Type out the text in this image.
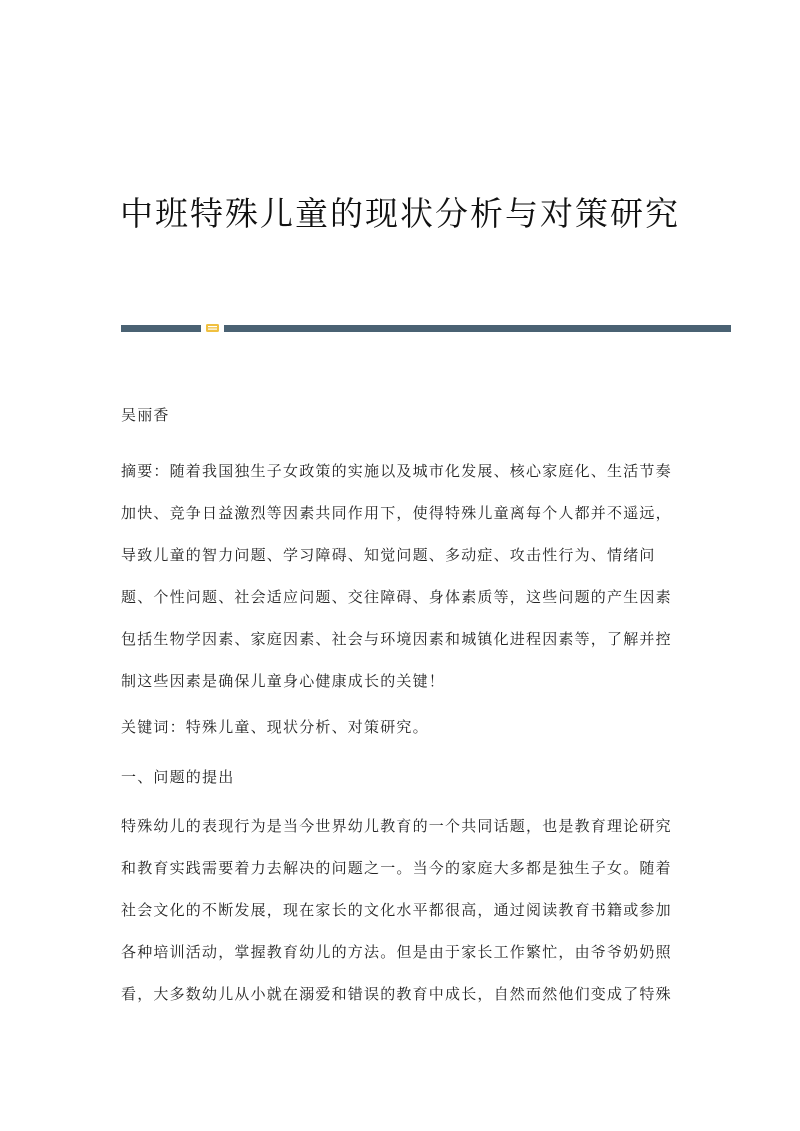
中班特殊儿童的现状分析与对策研究
吴丽香
摘要：随着我国独生子女政策的实施以及城市化发展、核心家庭化、生活节奏
加快、竞争日益激烈等因素共同作用下，使得特殊儿童离每个人都并不遥远，
导致儿童的智力问题、学习障碍、知觉问题、多动症、攻击性行为、情绪问
题、个性问题、社会适应问题、交往障碍、身体素质等，这些问题的产生因素
包括生物学因素、家庭因素、社会与环境因素和城镇化进程因素等，了解并控
制这些因素是确保儿童身心健康成长的关键！
关键词：特殊儿童、现状分析、对策研究。
一、问题的提出
特殊幼儿的表现行为是当今世界幼儿教育的一个共同话题，也是教育理论研究
和教育实践需要着力去解决的问题之一。当今的家庭大多都是独生子女。随着
社会文化的不断发展，现在家长的文化水平都很高，通过阅读教育书籍或参加
各种培训活动，掌握教育幼儿的方法。但是由于家长工作繁忙，由爷爷奶奶照
看，大多数幼儿从小就在溺爱和错误的教育中成长，自然而然他们变成了特殊
